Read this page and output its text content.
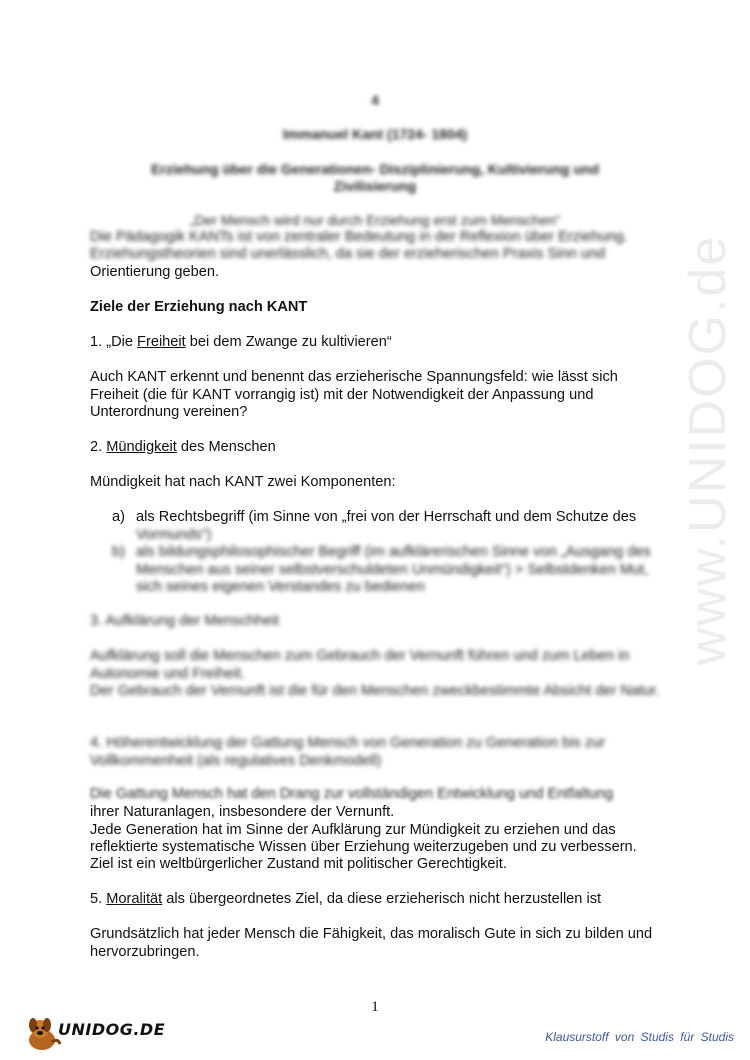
www.UNIDOG.de
4
Immanuel Kant (1724- 1804)
Erziehung über die Generationen- Disziplinierung, Kultivierung und
Zivilisierung
„Der Mensch wird nur durch Erziehung erst zum Menschen“
Die Pädagogik KANTs ist von zentraler Bedeutung in der Reflexion über Erziehung.
Erziehungstheorien sind unerlässlich, da sie der erzieherischen Praxis Sinn und
Orientierung geben.
Ziele der Erziehung nach KANT
1. „Die Freiheit bei dem Zwange zu kultivieren“
Auch KANT erkennt und benennt das erzieherische Spannungsfeld: wie lässt sich Freiheit (die für KANT vorrangig ist) mit der Notwendigkeit der Anpassung und Unterordnung vereinen?
2. Mündigkeit des Menschen
Mündigkeit hat nach KANT zwei Komponenten:
a) als Rechtsbegriff (im Sinne von „frei von der Herrschaft und dem Schutze des
Vormunds“)
b) als bildungsphilosophischer Begriff (im aufklärerischen Sinne von „Ausgang des Menschen aus seiner selbstverschuldeten Unmündigkeit“) > Selbstdenken Mut, sich seines eigenen Verstandes zu bedienen
3. Aufklärung der Menschheit
Aufklärung soll die Menschen zum Gebrauch der Vernunft führen und zum Leben in Autonomie und Freiheit.
Der Gebrauch der Vernunft ist die für den Menschen zweckbestimmte Absicht der Natur.
4. Höherentwicklung der Gattung Mensch von Generation zu Generation bis zur Vollkommenheit (als regulatives Denkmodell)
Die Gattung Mensch hat den Drang zur vollständigen Entwicklung und Entfaltung
ihrer Naturanlagen, insbesondere der Vernunft.
Jede Generation hat im Sinne der Aufklärung zur Mündigkeit zu erziehen und das
reflektierte systematische Wissen über Erziehung weiterzugeben und zu verbessern.
Ziel ist ein weltbürgerlicher Zustand mit politischer Gerechtigkeit.
5. Moralität als übergeordnetes Ziel, da diese erzieherisch nicht herzustellen ist
Grundsätzlich hat jeder Mensch die Fähigkeit, das moralisch Gute in sich zu bilden und hervorzubringen.
1
UNIDOG.DE	Klausurstoff von Studis für Studis
